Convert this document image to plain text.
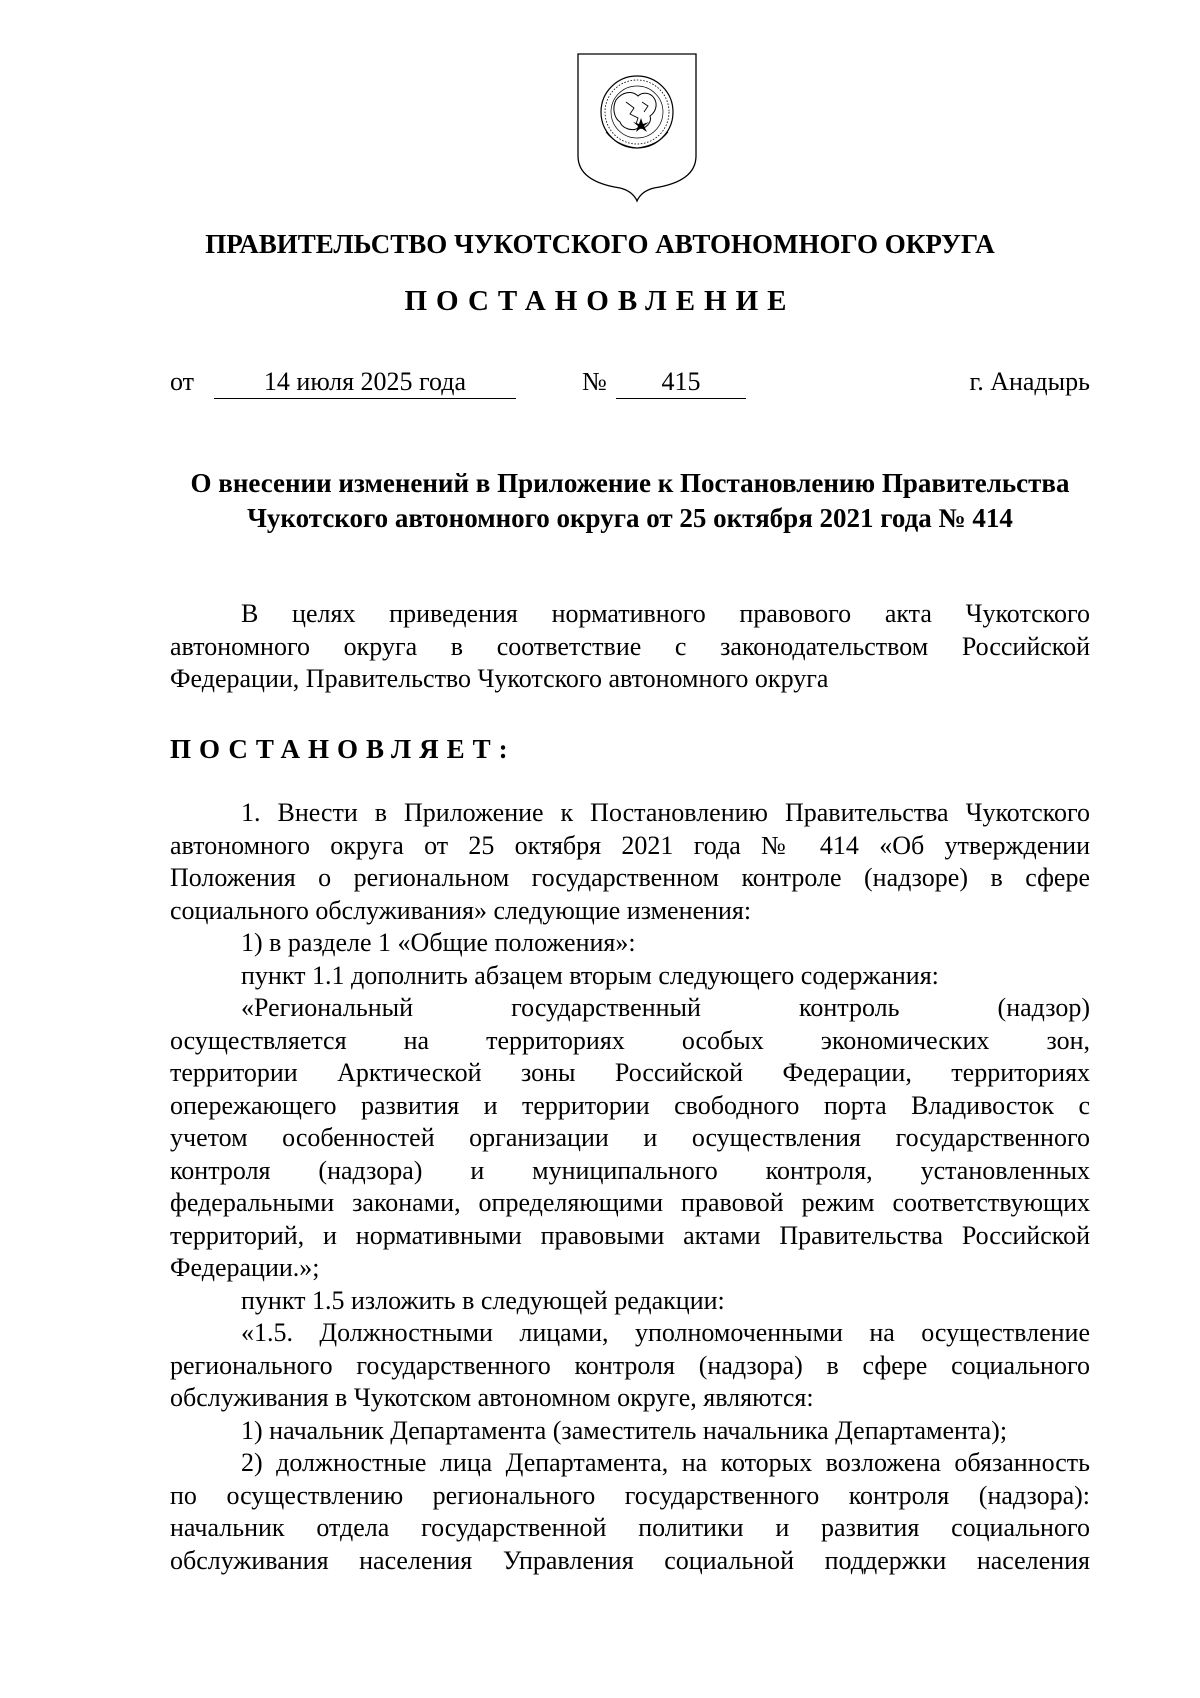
ПРАВИТЕЛЬСТВО ЧУКОТСКОГО АВТОНОМНОГО ОКРУГА
ПОСТАНОВЛЕНИЕ
от	14 июля 2025 года	№	415	г. Анадырь
О внесении изменений в Приложение к Постановлению Правительства
Чукотского автономного округа от 25 октября 2021 года № 414
В целях приведения нормативного правового акта Чукотского
автономного округа в соответствие с законодательством Российской
Федерации, Правительство Чукотского автономного округа
ПОСТАНОВЛЯЕТ:
1. Внести в Приложение к Постановлению Правительства Чукотского
автономного округа от 25 октября 2021 года № 414 «Об утверждении
Положения о региональном государственном контроле (надзоре) в сфере
социального обслуживания» следующие изменения:
1) в разделе 1 «Общие положения»:
пункт 1.1 дополнить абзацем вторым следующего содержания:
«Региональный государственный контроль (надзор)
осуществляется на территориях особых экономических зон,
территории Арктической зоны Российской Федерации, территориях
опережающего развития и территории свободного порта Владивосток с
учетом особенностей организации и осуществления государственного
контроля (надзора) и муниципального контроля, установленных
федеральными законами, определяющими правовой режим соответствующих
территорий, и нормативными правовыми актами Правительства Российской
Федерации.»;
пункт 1.5 изложить в следующей редакции:
«1.5. Должностными лицами, уполномоченными на осуществление
регионального государственного контроля (надзора) в сфере социального
обслуживания в Чукотском автономном округе, являются:
1) начальник Департамента (заместитель начальника Департамента);
2) должностные лица Департамента, на которых возложена обязанность
по осуществлению регионального государственного контроля (надзора):
начальник отдела государственной политики и развития социального
обслуживания населения Управления социальной поддержки населения
